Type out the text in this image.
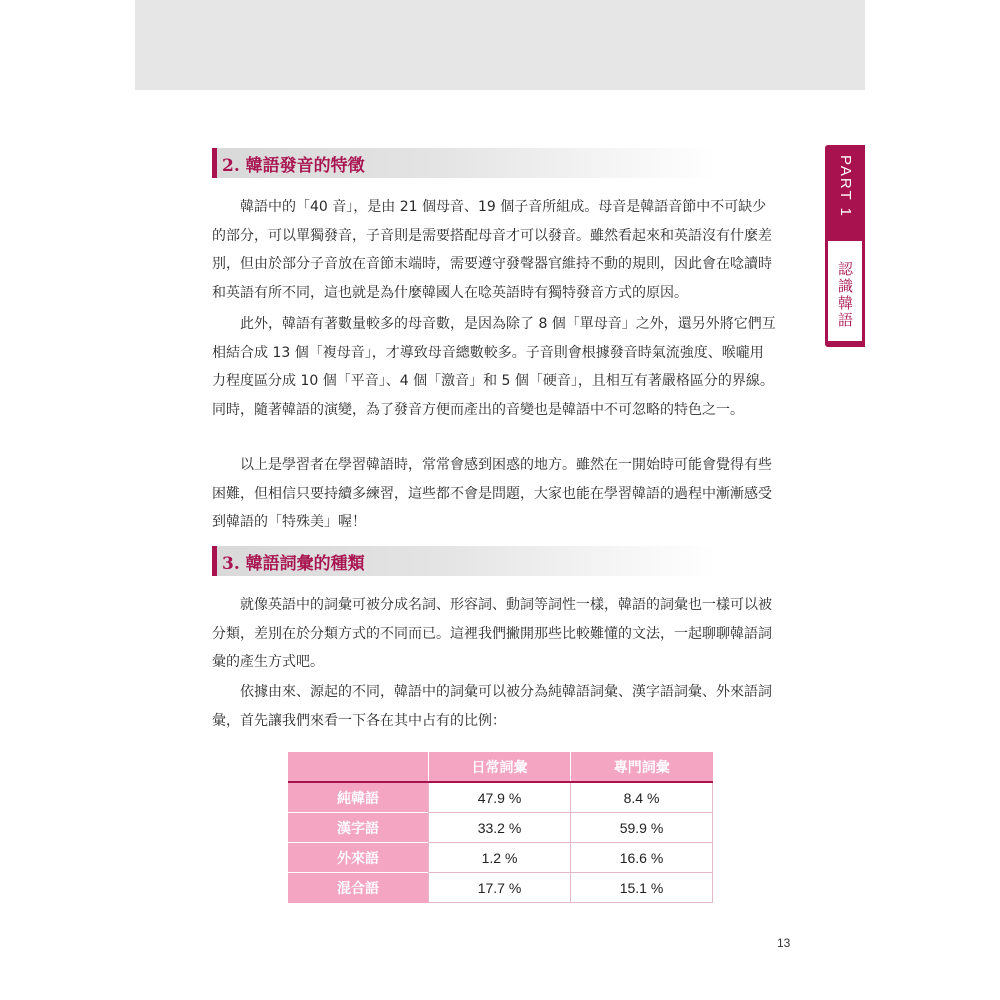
PART 1
認識韓語
2. 韓語發音的特徵

韓語中的「40 音」，是由 21 個母音、19 個子音所組成。母音是韓語音節中不可缺少的部分，可以單獨發音，子音則是需要搭配母音才可以發音。雖然看起來和英語沒有什麼差別，但由於部分子音放在音節末端時，需要遵守發聲器官維持不動的規則，因此會在唸讀時和英語有所不同，這也就是為什麼韓國人在唸英語時有獨特發音方式的原因。

此外，韓語有著數量較多的母音數，是因為除了 8 個「單母音」之外，還另外將它們互相結合成 13 個「複母音」，才導致母音總數較多。子音則會根據發音時氣流強度、喉嚨用力程度區分成 10 個「平音」、4 個「激音」和 5 個「硬音」，且相互有著嚴格區分的界線。同時，隨著韓語的演變，為了發音方便而產出的音變也是韓語中不可忽略的特色之一。

以上是學習者在學習韓語時，常常會感到困惑的地方。雖然在一開始時可能會覺得有些困難，但相信只要持續多練習，這些都不會是問題，大家也能在學習韓語的過程中漸漸感受到韓語的「特殊美」喔！

3. 韓語詞彙的種類

就像英語中的詞彙可被分成名詞、形容詞、動詞等詞性一樣，韓語的詞彙也一樣可以被分類，差別在於分類方式的不同而已。這裡我們撇開那些比較難懂的文法，一起聊聊韓語詞彙的產生方式吧。

依據由來、源起的不同，韓語中的詞彙可以被分為純韓語詞彙、漢字語詞彙、外來語詞彙，首先讓我們來看一下各在其中占有的比例：

	日常詞彙	專門詞彙
純韓語	47.9 %	8.4 %
漢字語	33.2 %	59.9 %
外來語	1.2 %	16.6 %
混合語	17.7 %	15.1 %
13
